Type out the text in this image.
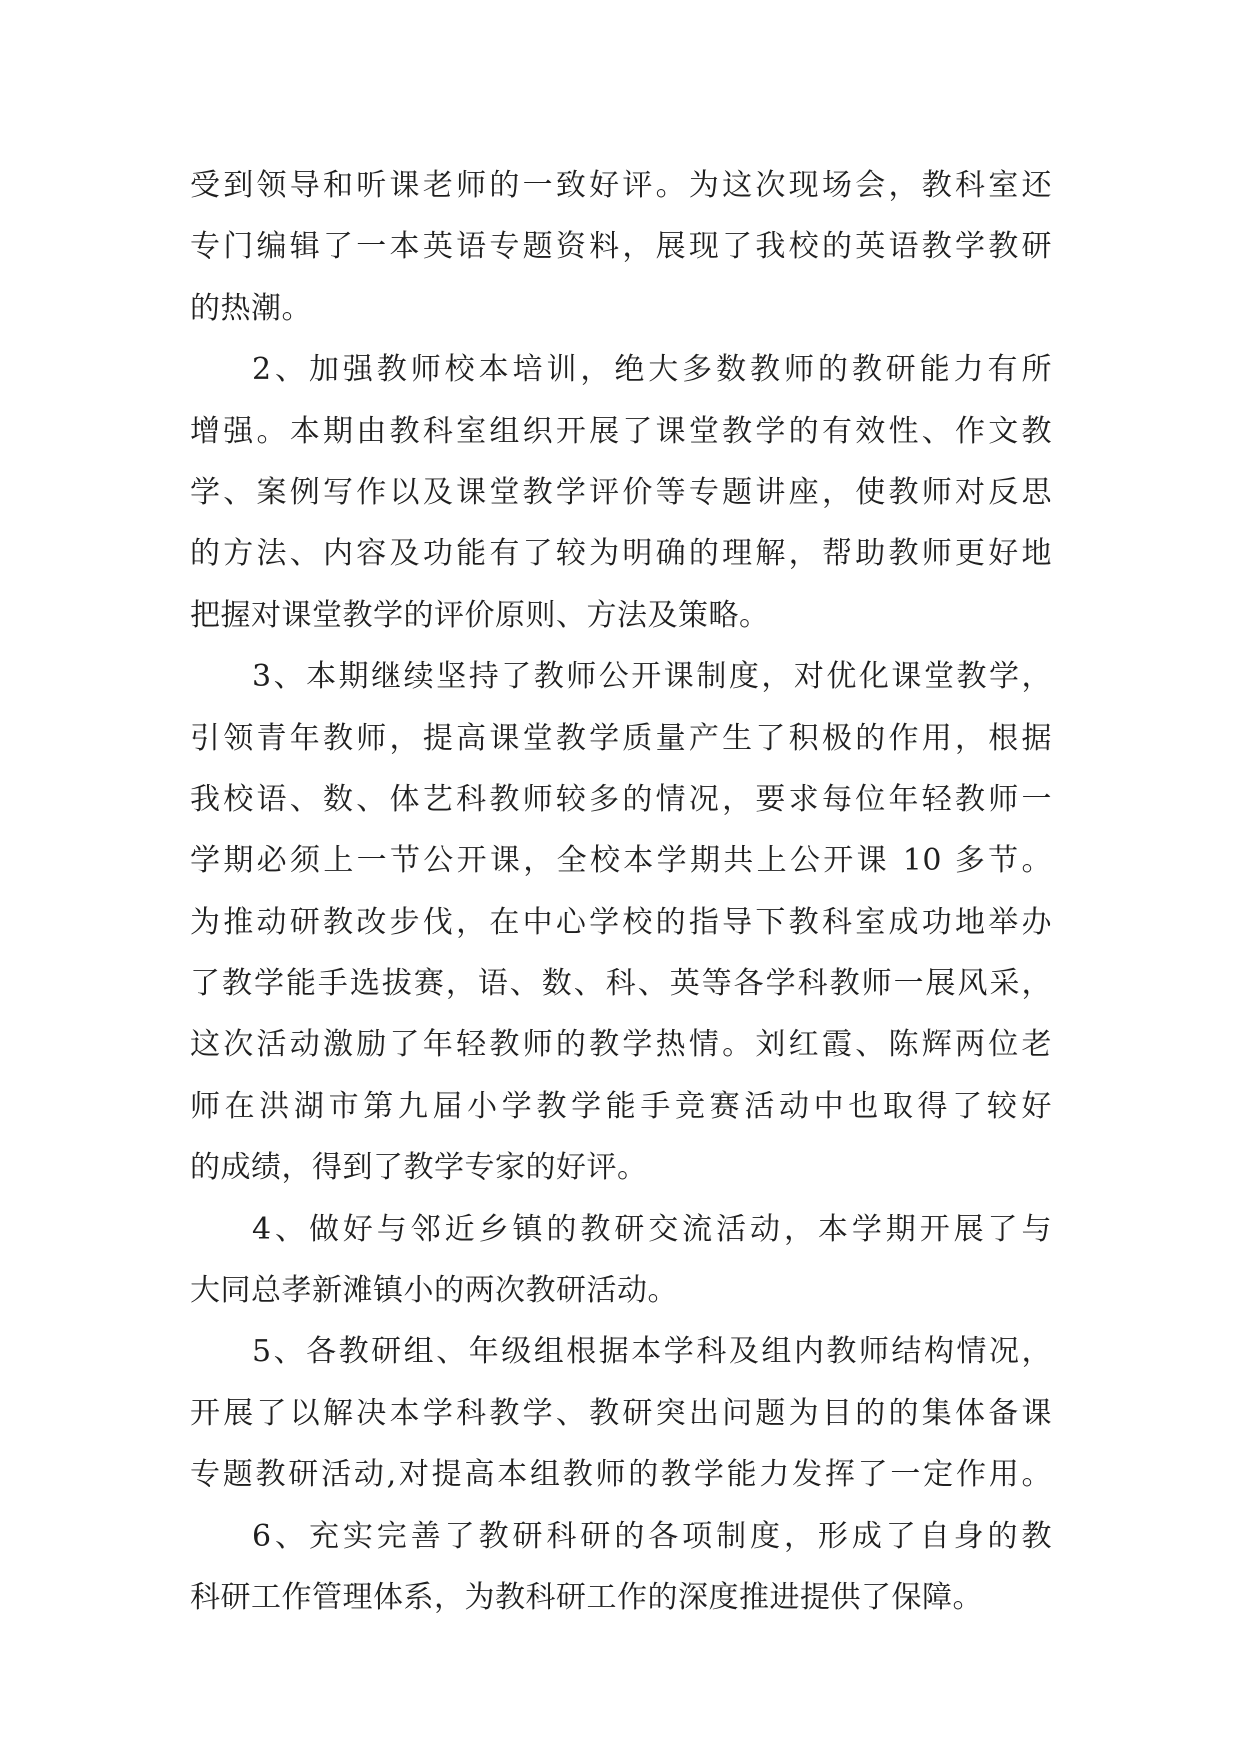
受到领导和听课老师的一致好评。为这次现场会，教科室还
专门编辑了一本英语专题资料，展现了我校的英语教学教研
的热潮。
2、加强教师校本培训，绝大多数教师的教研能力有所
增强。本期由教科室组织开展了课堂教学的有效性、作文教
学、案例写作以及课堂教学评价等专题讲座，使教师对反思
的方法、内容及功能有了较为明确的理解，帮助教师更好地
把握对课堂教学的评价原则、方法及策略。
3、本期继续坚持了教师公开课制度，对优化课堂教学，
引领青年教师，提高课堂教学质量产生了积极的作用，根据
我校语、数、体艺科教师较多的情况，要求每位年轻教师一
学期必须上一节公开课，全校本学期共上公开课 10 多节。
为推动研教改步伐，在中心学校的指导下教科室成功地举办
了教学能手选拔赛，语、数、科、英等各学科教师一展风采，
这次活动激励了年轻教师的教学热情。刘红霞、陈辉两位老
师在洪湖市第九届小学教学能手竞赛活动中也取得了较好
的成绩，得到了教学专家的好评。
4、做好与邻近乡镇的教研交流活动，本学期开展了与
大同总孝新滩镇小的两次教研活动。
5、各教研组、年级组根据本学科及组内教师结构情况，
开展了以解决本学科教学、教研突出问题为目的的集体备课
专题教研活动,对提高本组教师的教学能力发挥了一定作用。
6、充实完善了教研科研的各项制度，形成了自身的教
科研工作管理体系，为教科研工作的深度推进提供了保障。
